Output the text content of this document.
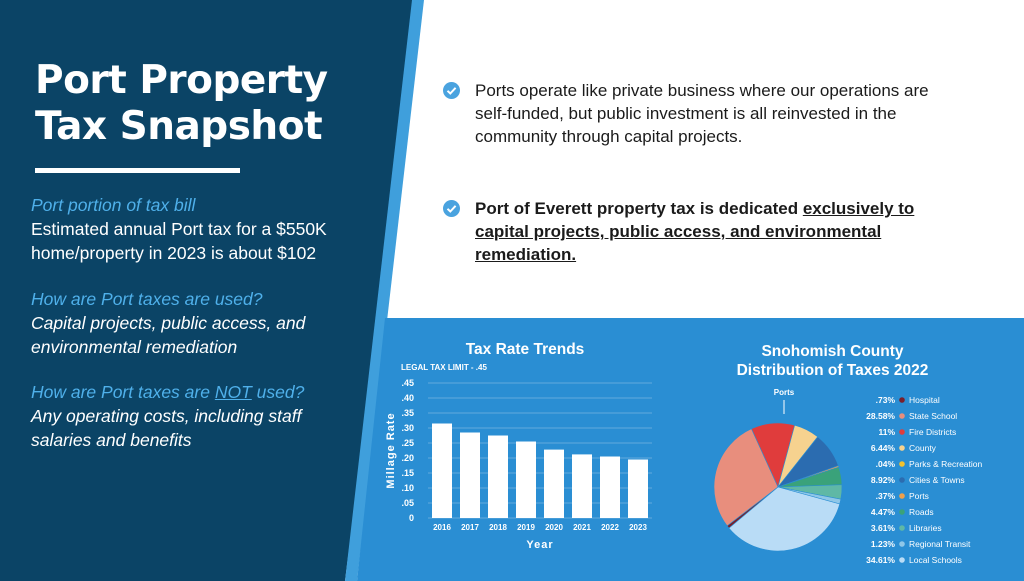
Port Property
Tax Snapshot
Port portion of tax bill
Estimated annual Port tax for a $550K
home/property in 2023 is about $102
How are Port taxes are used?
Capital projects, public access, and
environmental remediation
How are Port taxes are NOT used?
Any operating costs, including staff
salaries and benefits
Ports operate like private business where our operations are
self-funded, but public investment is all reinvested in the
community through capital projects.
Port of Everett property tax is dedicated exclusively to
capital projects, public access, and environmental remediation.
Tax Rate Trends
LEGAL TAX LIMIT - .45
.45
.40
.35
.30
.25
.20
.15
.10
.05
0
2016 2017 2018 2019 2020 2021 2022 2023
Year
Millage Rate
Snohomish County
Distribution of Taxes 2022
Ports
.73% Hospital
28.58% State School
11% Fire Districts
6.44% County
.04% Parks & Recreation
8.92% Cities & Towns
.37% Ports
4.47% Roads
3.61% Libraries
1.23% Regional Transit
34.61% Local Schools
